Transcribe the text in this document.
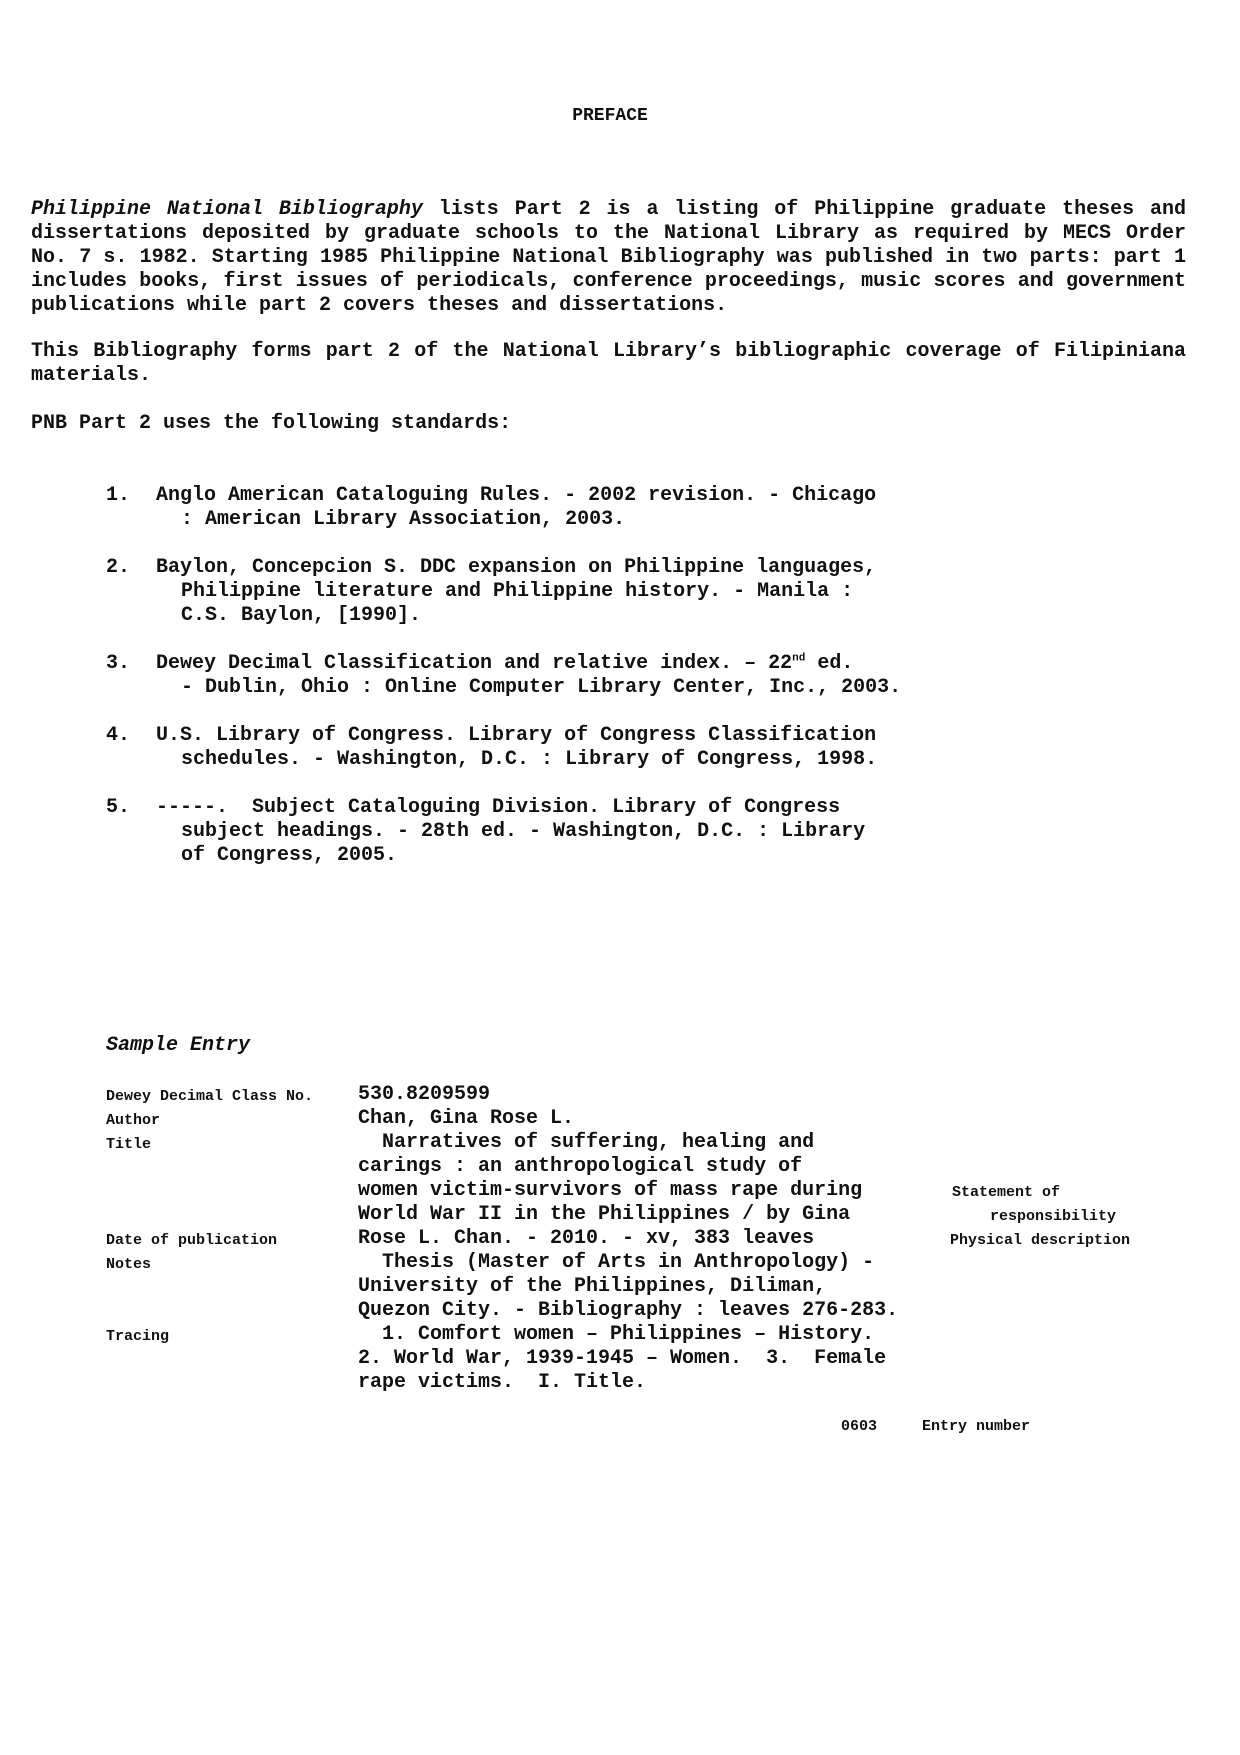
PREFACE

Philippine National Bibliography lists Part 2 is a listing of Philippine graduate theses and dissertations deposited by graduate schools to the National Library as required by MECS Order No. 7 s. 1982. Starting 1985 Philippine National Bibliography was published in two parts: part 1 includes books, first issues of periodicals, conference proceedings, music scores and government publications while part 2 covers theses and dissertations.

This Bibliography forms part 2 of the National Library’s bibliographic coverage of Filipiniana materials.

PNB Part 2 uses the following standards:

1. Anglo American Cataloguing Rules. - 2002 revision. - Chicago
: American Library Association, 2003.
2. Baylon, Concepcion S. DDC expansion on Philippine languages,
Philippine literature and Philippine history. - Manila :
C.S. Baylon, [1990].
3. Dewey Decimal Classification and relative index. – 22nd ed.
- Dublin, Ohio : Online Computer Library Center, Inc., 2003.
4. U.S. Library of Congress. Library of Congress Classification
schedules. - Washington, D.C. : Library of Congress, 1998.
5. -----.  Subject Cataloguing Division. Library of Congress
subject headings. - 28th ed. - Washington, D.C. : Library
of Congress, 2005.
Sample Entry
Dewey Decimal Class No.
Author
Title
Date of publication
Notes
Tracing
530.8209599
Chan, Gina Rose L.
Narratives of suffering, healing and
carings : an anthropological study of
women victim-survivors of mass rape during
World War II in the Philippines / by Gina
Rose L. Chan. - 2010. - xv, 383 leaves
Thesis (Master of Arts in Anthropology) -
University of the Philippines, Diliman,
Quezon City. - Bibliography : leaves 276-283.
1. Comfort women – Philippines – History.
2. World War, 1939-1945 – Women.  3.  Female
rape victims.  I. Title.
Statement of
responsibility
Physical description
0603	Entry number
